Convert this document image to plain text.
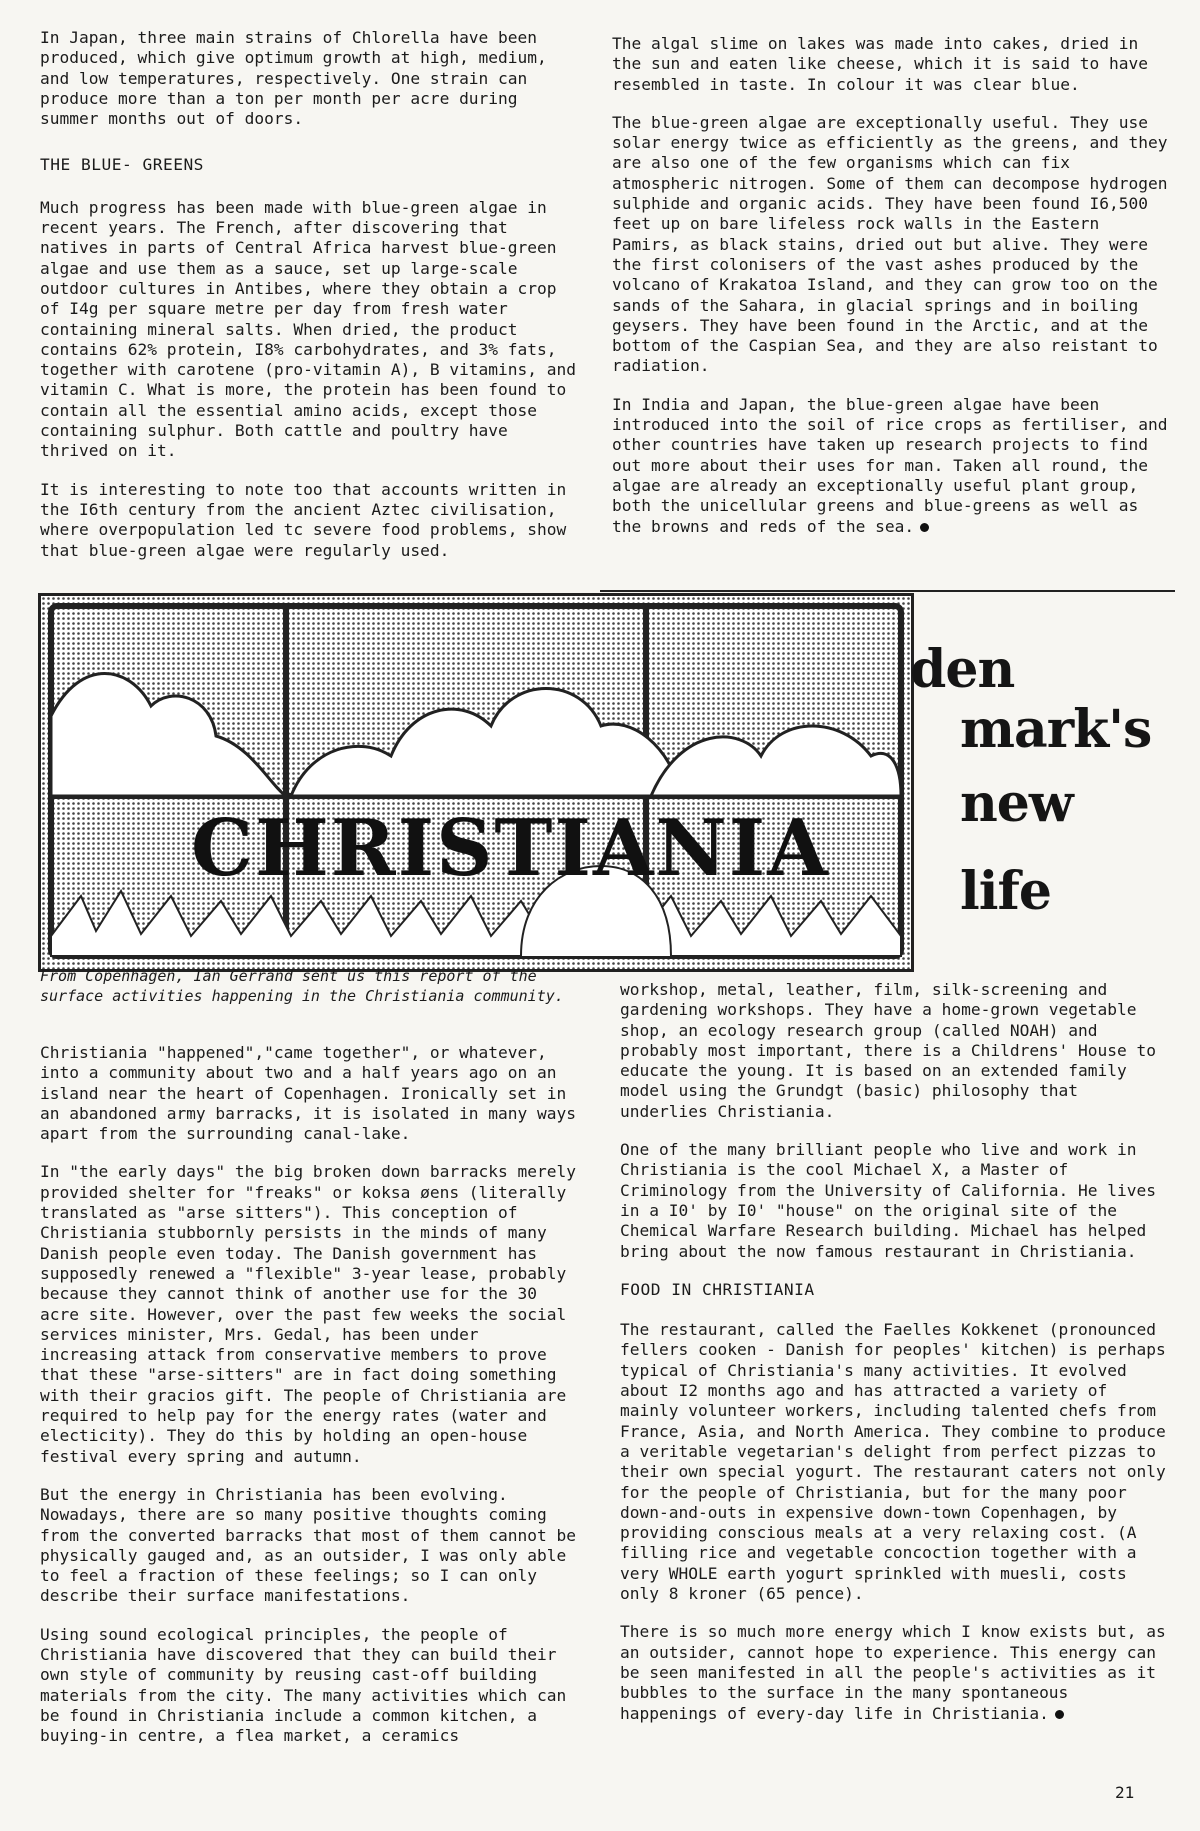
In Japan, three main strains of Chlorella have been produced, which give optimum growth at high, medium, and low temperatures, respectively. One strain can produce more than a ton per month per acre during summer months out of doors.

THE BLUE- GREENS

Much progress has been made with blue-green algae in recent years. The French, after discovering that natives in parts of Central Africa harvest blue-green algae and use them as a sauce, set up large-scale outdoor cultures in Antibes, where they obtain a crop of I4g per square metre per day from fresh water containing mineral salts. When dried, the product contains 62% protein, I8% carbohydrates, and 3% fats, together with carotene (pro-vitamin A), B vitamins, and vitamin C. What is more, the protein has been found to contain all the essential amino acids, except those containing sulphur. Both cattle and poultry have thrived on it.

It is interesting to note too that accounts written in the I6th century from the ancient Aztec civilisation, where overpopulation led tc severe food problems, show that blue-green algae were regularly used.

The algal slime on lakes was made into cakes, dried in the sun and eaten like cheese, which it is said to have resembled in taste. In colour it was clear blue.

The blue-green algae are exceptionally useful. They use solar energy twice as efficiently as the greens, and they are also one of the few organisms which can fix atmospheric nitrogen. Some of them can decompose hydrogen sulphide and organic acids. They have been found I6,500 feet up on bare lifeless rock walls in the Eastern Pamirs, as black stains, dried out but alive. They were the first colonisers of the vast ashes produced by the volcano of Krakatoa Island, and they can grow too on the sands of the Sahara, in glacial springs and in boiling geysers. They have been found in the Arctic, and at the bottom of the Caspian Sea, and they are also reistant to radiation.

In India and Japan, the blue-green algae have been introduced into the soil of rice crops as fertiliser, and other countries have taken up research projects to find out more about their uses for man. Taken all round, the algae are already an exceptionally useful plant group, both the unicellular greens and blue-greens as well as the browns and reds of the sea.

CHRISTIANIA
den
mark's
new
life
From Copenhagen, Ian Gerrand sent us this report of the surface activities happening in the Christiania community.

Christiania "happened","came together", or whatever, into a community about two and a half years ago on an island near the heart of Copenhagen. Ironically set in an abandoned army barracks, it is isolated in many ways apart from the surrounding canal-lake.

In "the early days" the big broken down barracks merely provided shelter for "freaks" or koksa øens (literally translated as "arse sitters"). This conception of Christiania stubbornly persists in the minds of many Danish people even today. The Danish government has supposedly renewed a "flexible" 3-year lease, probably because they cannot think of another use for the 30 acre site. However, over the past few weeks the social services minister, Mrs. Gedal, has been under increasing attack from conservative members to prove that these "arse-sitters" are in fact doing something with their gracios gift. The people of Christiania are required to help pay for the energy rates (water and electicity). They do this by holding an open-house festival every spring and autumn.

But the energy in Christiania has been evolving. Nowadays, there are so many positive thoughts coming from the converted barracks that most of them cannot be physically gauged and, as an outsider, I was only able to feel a fraction of these feelings; so I can only describe their surface manifestations.

Using sound ecological principles, the people of Christiania have discovered that they can build their own style of community by reusing cast-off building materials from the city. The many activities which can be found in Christiania include a common kitchen, a buying-in centre, a flea market, a ceramics

workshop, metal, leather, film, silk-screening and gardening workshops. They have a home-grown vegetable shop, an ecology research group (called NOAH) and probably most important, there is a Childrens' House to educate the young. It is based on an extended family model using the Grundgt (basic) philosophy that underlies Christiania.

One of the many brilliant people who live and work in Christiania is the cool Michael X, a Master of Criminology from the University of California. He lives in a I0' by I0' "house" on the original site of the Chemical Warfare Research building. Michael has helped bring about the now famous restaurant in Christiania.

FOOD IN CHRISTIANIA

The restaurant, called the Faelles Kokkenet (pronounced fellers cooken - Danish for peoples' kitchen) is perhaps typical of Christiania's many activities. It evolved about I2 months ago and has attracted a variety of mainly volunteer workers, including talented chefs from France, Asia, and North America. They combine to produce a veritable vegetarian's delight from perfect pizzas to their own special yogurt. The restaurant caters not only for the people of Christiania, but for the many poor down-and-outs in expensive down-town Copenhagen, by providing conscious meals at a very relaxing cost. (A filling rice and vegetable concoction together with a very WHOLE earth yogurt sprinkled with muesli, costs only 8 kroner (65 pence).

There is so much more energy which I know exists but, as an outsider, cannot hope to experience. This energy can be seen manifested in all the people's activities as it bubbles to the surface in the many spontaneous happenings of every-day life in Christiania.

21
